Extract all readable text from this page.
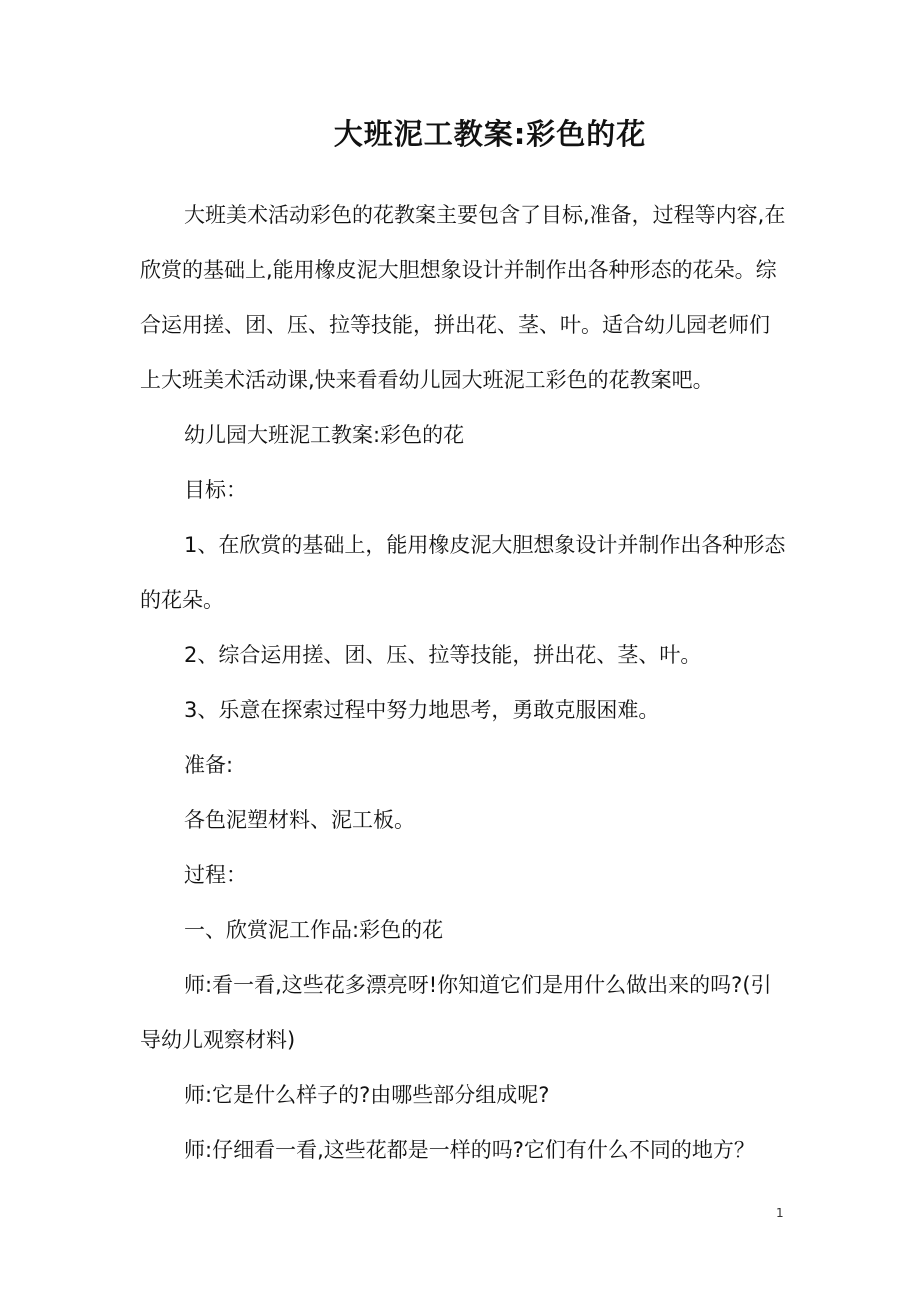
大班泥工教案:彩色的花

大班美术活动彩色的花教案主要包含了目标,准备，过程等内容,在欣赏的基础上,能用橡皮泥大胆想象设计并制作出各种形态的花朵。综合运用搓、团、压、拉等技能，拼出花、茎、叶。适合幼儿园老师们上大班美术活动课,快来看看幼儿园大班泥工彩色的花教案吧。

幼儿园大班泥工教案:彩色的花

目标：

1、在欣赏的基础上，能用橡皮泥大胆想象设计并制作出各种形态的花朵。

2、综合运用搓、团、压、拉等技能，拼出花、茎、叶。

3、乐意在探索过程中努力地思考，勇敢克服困难。

准备:

各色泥塑材料、泥工板。

过程：

一、欣赏泥工作品:彩色的花

师:看一看,这些花多漂亮呀!你知道它们是用什么做出来的吗?(引导幼儿观察材料)

师:它是什么样子的?由哪些部分组成呢?

师:仔细看一看,这些花都是一样的吗?它们有什么不同的地方？

1
